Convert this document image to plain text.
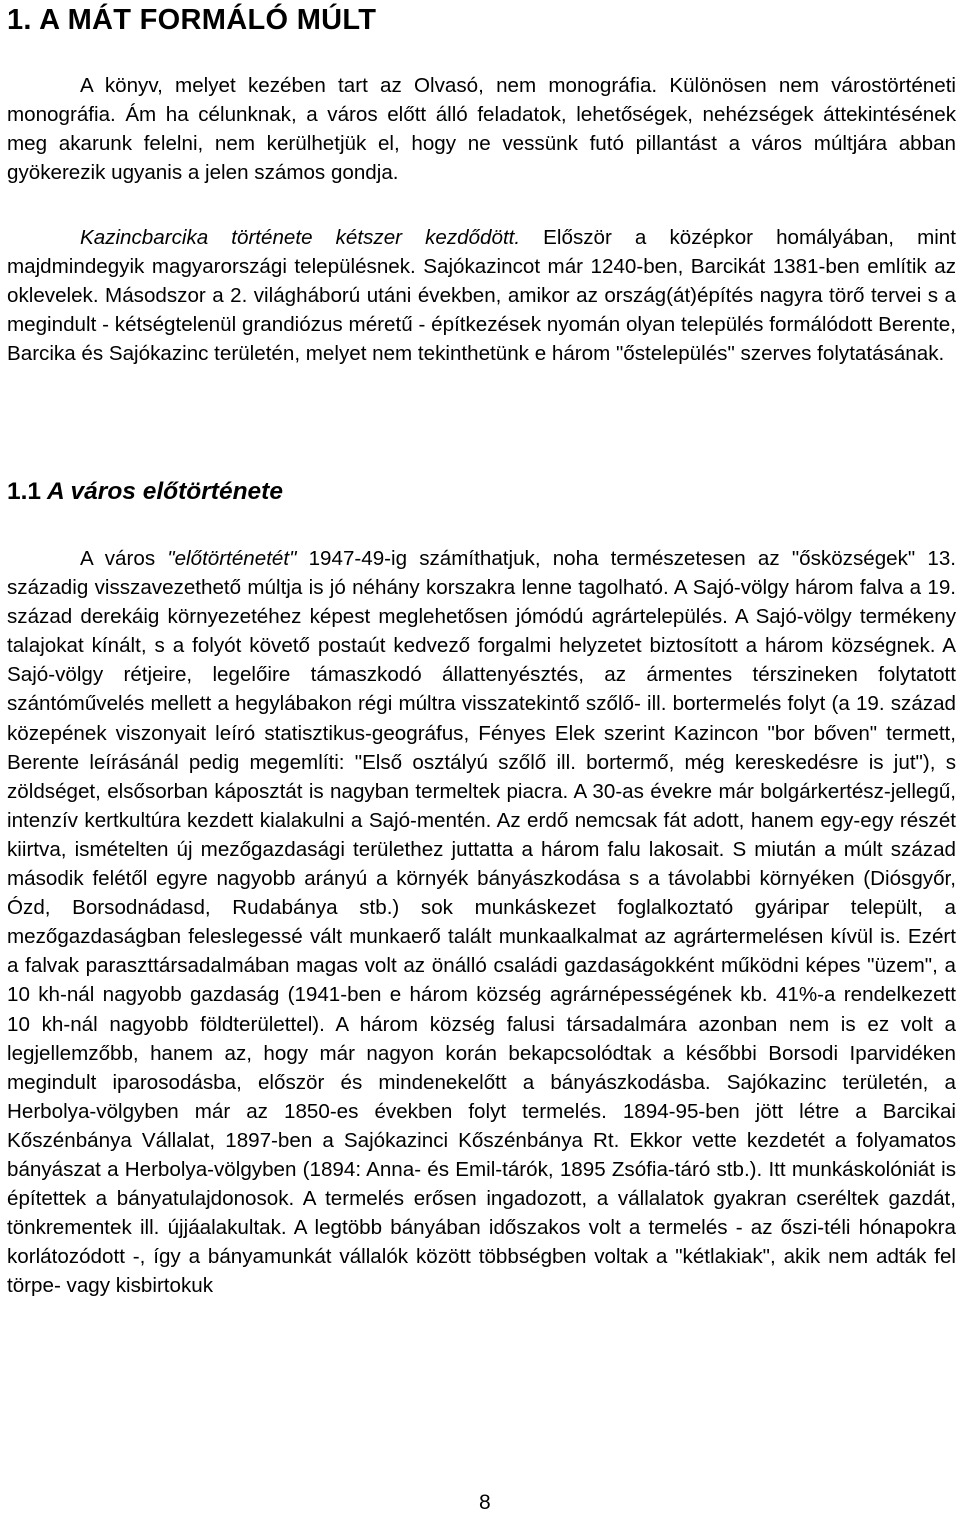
1. A MÁT FORMÁLÓ MÚLT

A könyv, melyet kezében tart az Olvasó, nem monográfia. Különösen nem várostörténeti monográfia. Ám ha célunknak, a város előtt álló feladatok, lehetőségek, nehézségek áttekintésének meg akarunk felelni, nem kerülhetjük el, hogy ne vessünk futó pillantást a város múltjára abban gyökerezik ugyanis a jelen számos gondja.

Kazincbarcika története kétszer kezdődött. Először a középkor homályában, mint majdmindegyik magyarországi településnek. Sajókazincot már 1240-ben, Barcikát 1381-ben említik az oklevelek. Másodszor a 2. világháború utáni években, amikor az ország(át)építés nagyra törő tervei s a megindult - kétségtelenül grandiózus méretű - építkezések nyomán olyan település formálódott Berente, Barcika és Sajókazinc területén, melyet nem tekinthetünk e három "őstelepülés" szerves folytatásának.

1.1 A város előtörténete

A város "előtörténetét" 1947-49-ig számíthatjuk, noha természetesen az "ősközségek" 13. századig visszavezethető múltja is jó néhány korszakra lenne tagolható. A Sajó-völgy három falva a 19. század derekáig környezetéhez képest meglehetősen jómódú agrártelepülés. A Sajó-völgy termékeny talajokat kínált, s a folyót követő postaút kedvező forgalmi helyzetet biztosított a három községnek. A Sajó-völgy rétjeire, legelőire támaszkodó állattenyésztés, az ármentes térszineken folytatott szántóművelés mellett a hegylábakon régi múltra visszatekintő szőlő- ill. bortermelés folyt (a 19. század közepének viszonyait leíró statisztikus-geográfus, Fényes Elek szerint Kazincon "bor bőven" termett, Berente leírásánál pedig megemlíti: "Első osztályú szőlő ill. bortermő, még kereskedésre is jut"), s zöldséget, elsősorban káposztát is nagyban termeltek piacra. A 30-as évekre már bolgárkertész-jellegű, intenzív kertkultúra kezdett kialakulni a Sajó-mentén. Az erdő nemcsak fát adott, hanem egy-egy részét kiirtva, ismételten új mezőgazdasági területhez juttatta a három falu lakosait. S miután a múlt század második felétől egyre nagyobb arányú a környék bányászkodása s a távolabbi környéken (Diósgyőr, Ózd, Borsodnádasd, Rudabánya stb.) sok munkáskezet foglalkoztató gyáripar települt, a mezőgazdaságban feleslegessé vált munkaerő talált munkaalkalmat az agrártermelésen kívül is. Ezért a falvak paraszttársadalmában magas volt az önálló családi gazdaságokként működni képes "üzem", a 10 kh-nál nagyobb gazdaság (1941-ben e három község agrárnépességének kb. 41%-a rendelkezett 10 kh-nál nagyobb földterülettel). A három község falusi társadalmára azonban nem is ez volt a legjellemzőbb, hanem az, hogy már nagyon korán bekapcsolódtak a későbbi Borsodi Iparvidéken megindult iparosodásba, először és mindenekelőtt a bányászkodásba. Sajókazinc területén, a Herbolya-völgyben már az 1850-es években folyt termelés. 1894-95-ben jött létre a Barcikai Kőszénbánya Vállalat, 1897-ben a Sajókazinci Kőszénbánya Rt. Ekkor vette kezdetét a folyamatos bányászat a Herbolya-völgyben (1894: Anna- és Emil-tárók, 1895 Zsófia-táró stb.). Itt munkáskolóniát is építettek a bányatulajdonosok. A termelés erősen ingadozott, a vállalatok gyakran cseréltek gazdát, tönkrementek ill. újjáalakultak. A legtöbb bányában időszakos volt a termelés - az őszi-téli hónapokra korlátozódott -, így a bányamunkát vállalók között többségben voltak a "kétlakiak", akik nem adták fel törpe- vagy kisbirtokuk

8
